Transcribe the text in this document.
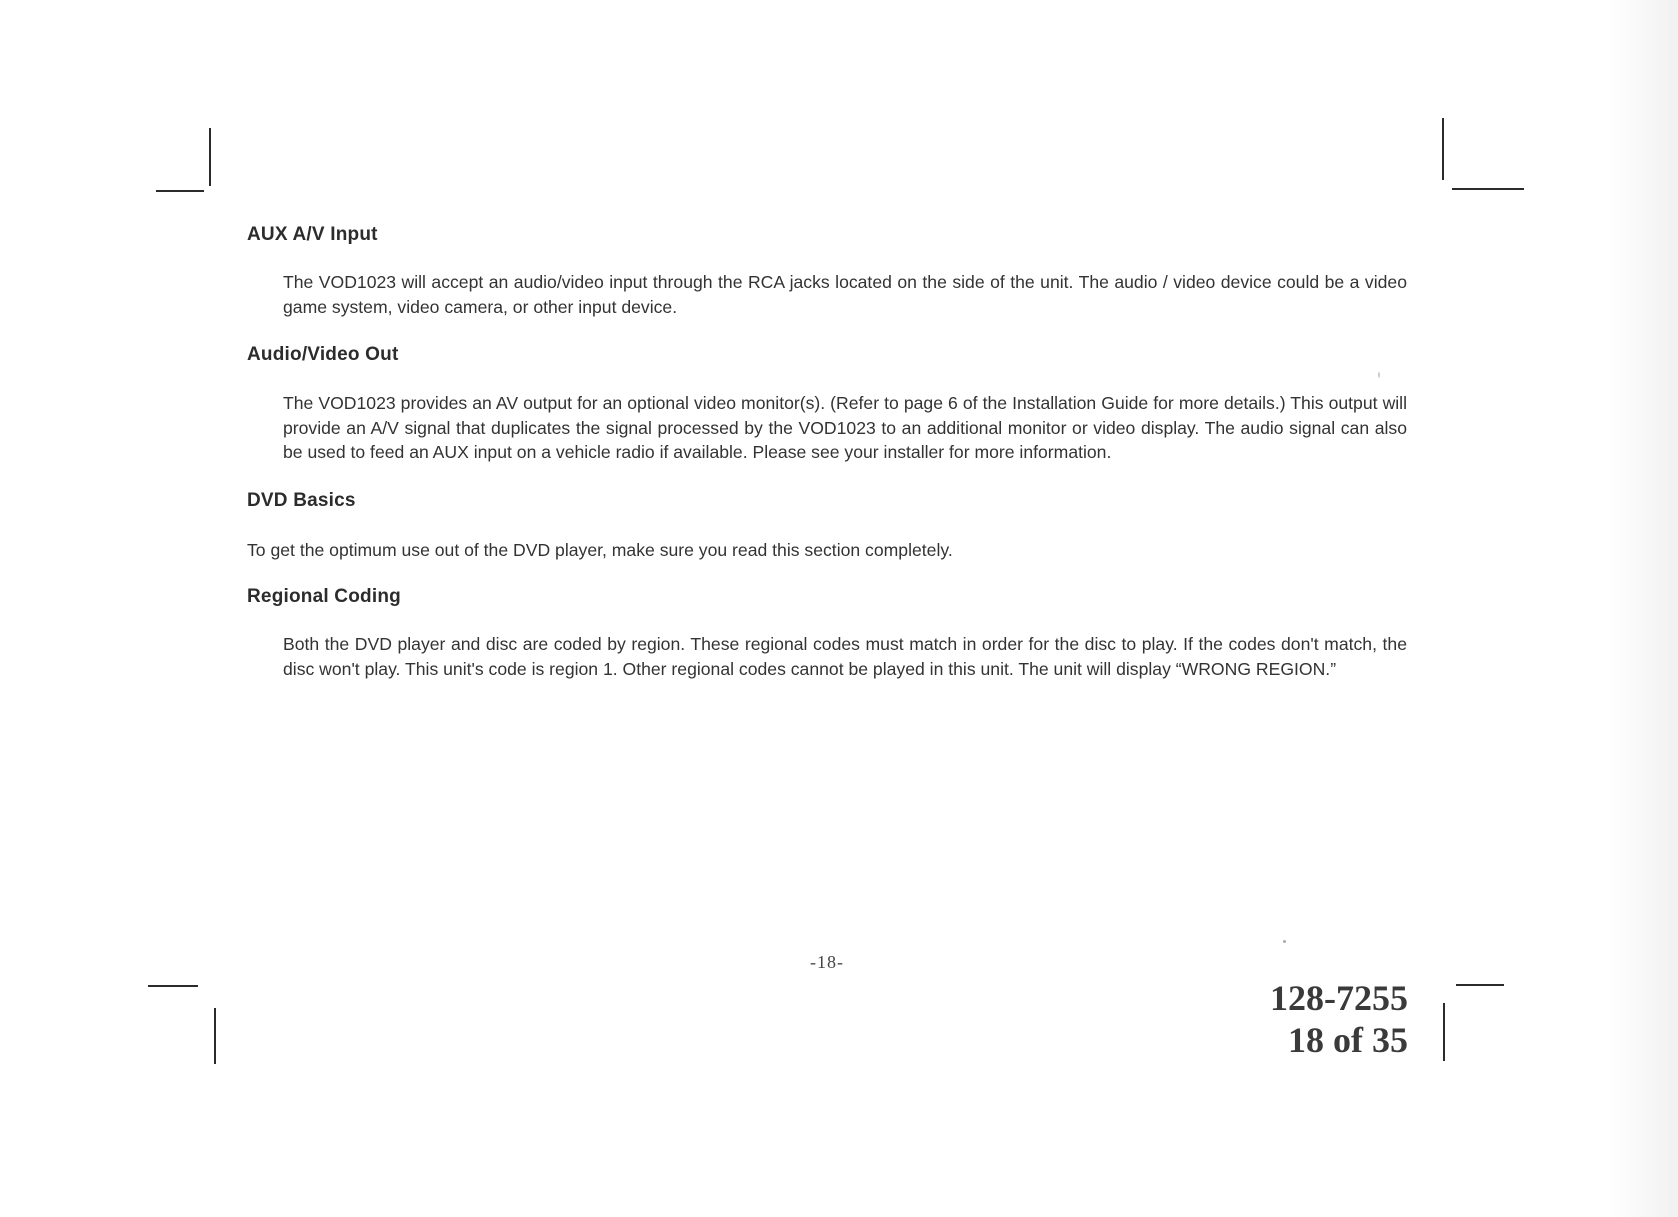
AUX A/V Input

The VOD1023 will accept an audio/video input through the RCA jacks located on the side of the unit. The audio / video device could be a video game system, video camera, or other input device.

Audio/Video Out

The VOD1023 provides an AV output for an optional video monitor(s). (Refer to page 6 of the Installation Guide for more details.) This output will provide an A/V signal that duplicates the signal processed by the VOD1023 to an additional monitor or video display. The audio signal can also be used to feed an AUX input on a vehicle radio if available. Please see your installer for more information.

DVD Basics

To get the optimum use out of the DVD player, make sure you read this section completely.

Regional Coding

Both the DVD player and disc are coded by region. These regional codes must match in order for the disc to play. If the codes don't match, the disc won't play. This unit's code is region 1. Other regional codes cannot be played in this unit. The unit will display “WRONG REGION.”

-18-
128-7255
18 of 35
